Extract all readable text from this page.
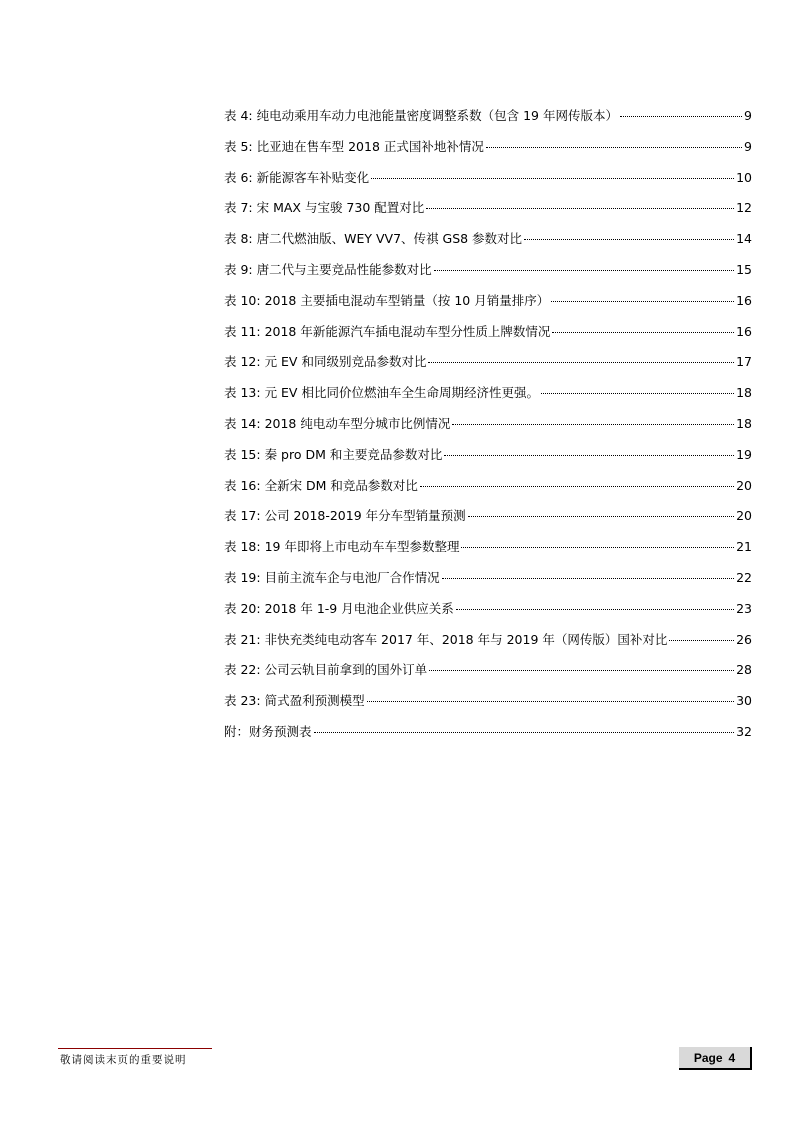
表 4: 纯电动乘用车动力电池能量密度调整系数（包含 19 年网传版本）	9
表 5: 比亚迪在售车型 2018 正式国补地补情况	9
表 6: 新能源客车补贴变化	10
表 7: 宋 MAX 与宝骏 730 配置对比	12
表 8: 唐二代燃油版、WEY VV7、传祺 GS8 参数对比	14
表 9: 唐二代与主要竞品性能参数对比	15
表 10: 2018 主要插电混动车型销量（按 10 月销量排序）	16
表 11: 2018 年新能源汽车插电混动车型分性质上牌数情况	16
表 12: 元 EV 和同级别竞品参数对比	17
表 13: 元 EV 相比同价位燃油车全生命周期经济性更强。	18
表 14: 2018 纯电动车型分城市比例情况	18
表 15: 秦 pro DM 和主要竞品参数对比	19
表 16: 全新宋 DM 和竞品参数对比	20
表 17: 公司 2018-2019 年分车型销量预测	20
表 18: 19 年即将上市电动车车型参数整理	21
表 19: 目前主流车企与电池厂合作情况	22
表 20: 2018 年 1-9 月电池企业供应关系	23
表 21: 非快充类纯电动客车 2017 年、2018 年与 2019 年（网传版）国补对比	26
表 22: 公司云轨目前拿到的国外订单	28
表 23: 简式盈利预测模型	30
附：财务预测表	32
敬请阅读末页的重要说明	Page 4
